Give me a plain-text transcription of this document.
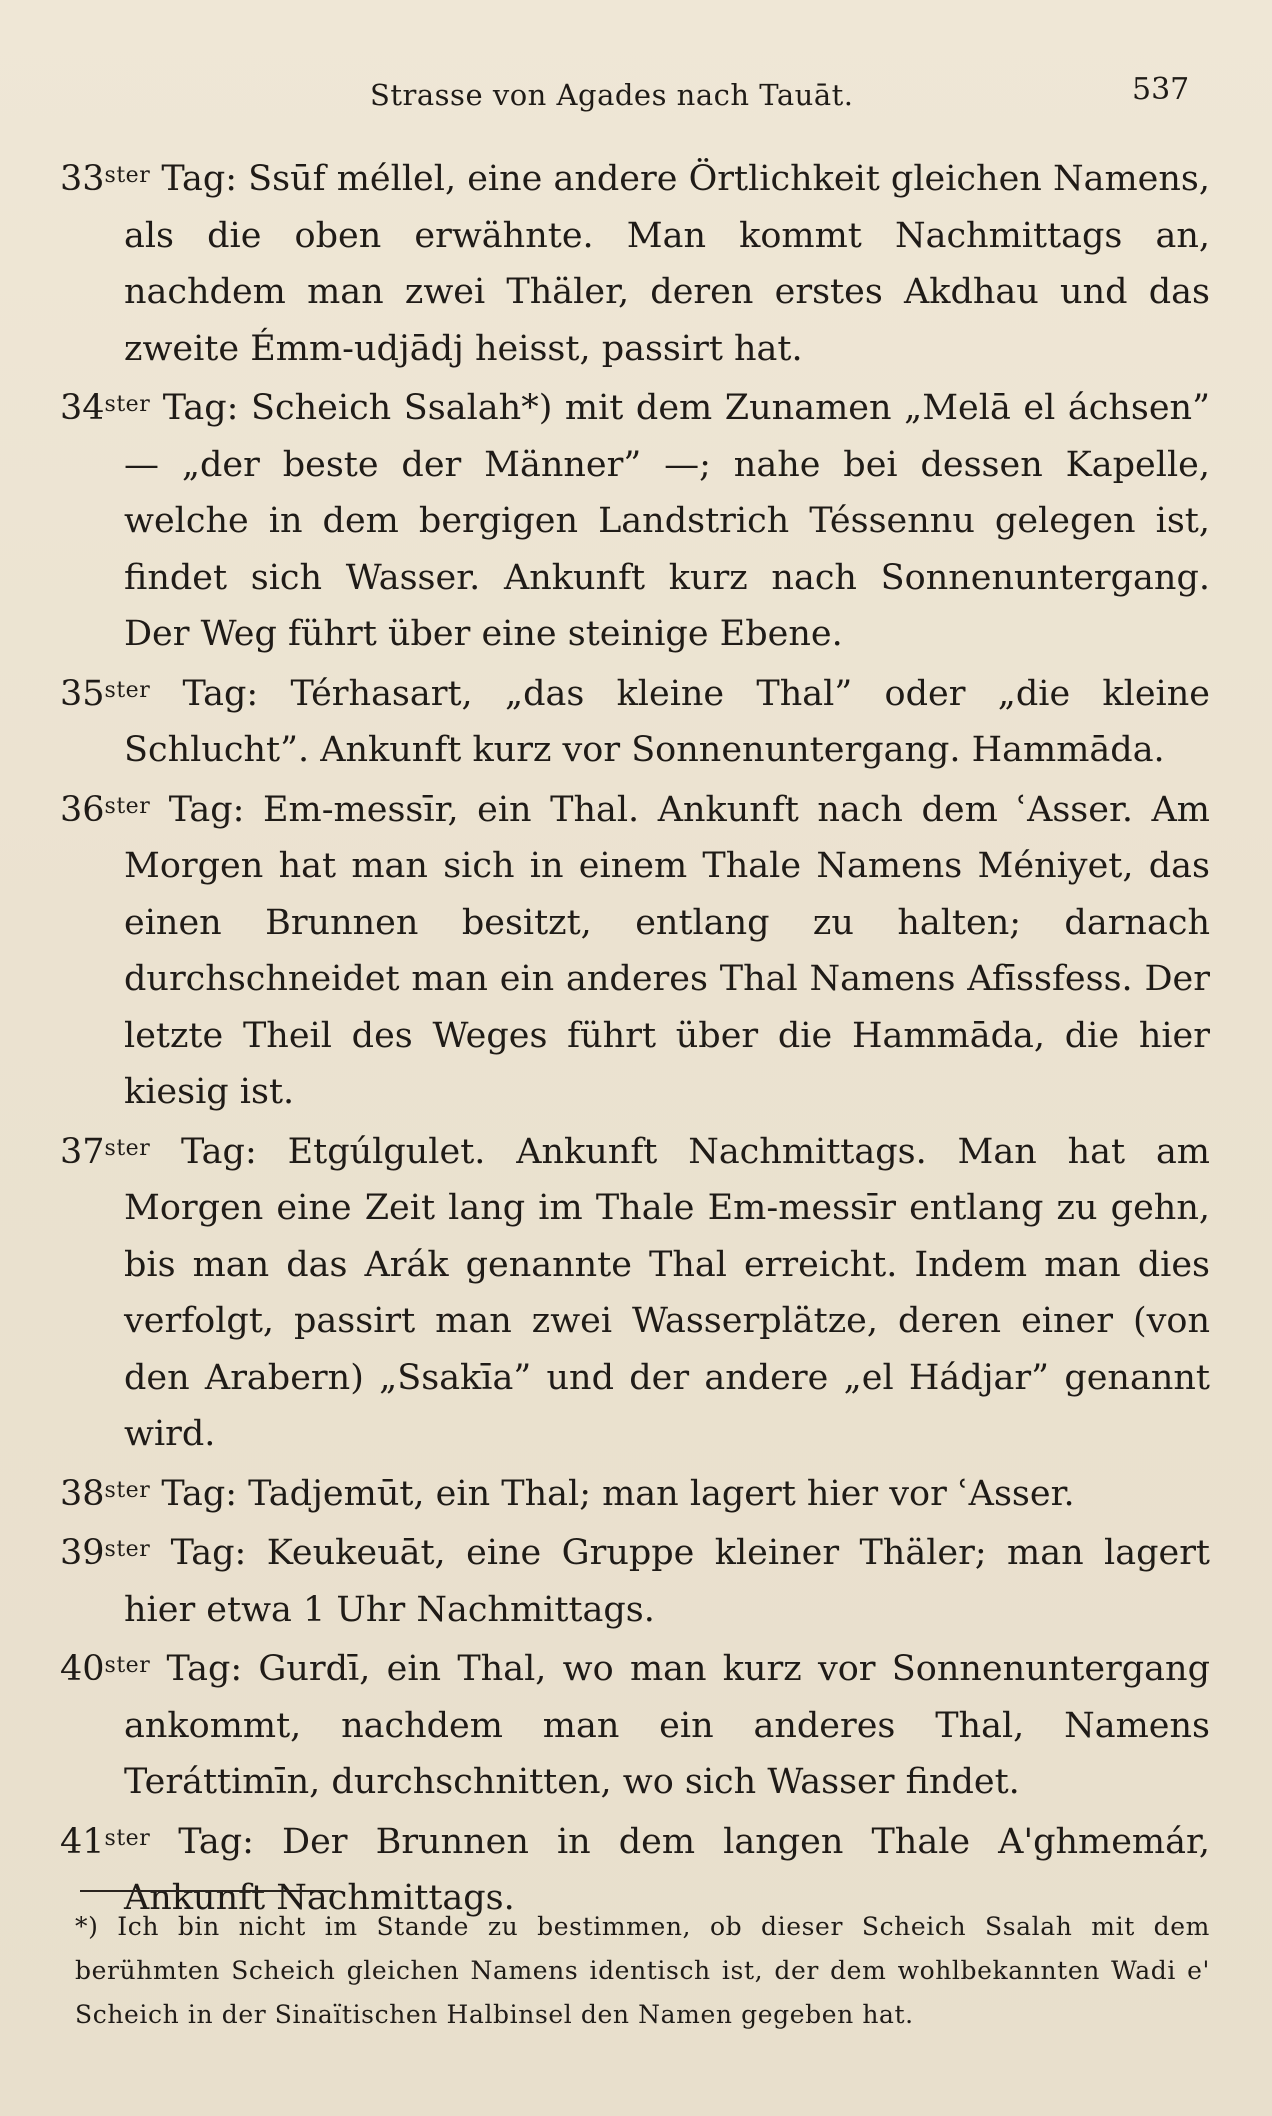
Strasse von Agades nach Tauāt.	537

$33^{ster}$ Tag: Ssūf méllel, eine andere Örtlichkeit gleichen Namens, als die oben erwähnte. Man kommt Nachmittags an, nachdem man zwei Thäler, deren erstes Akdhau und das zweite Émm-udjādj heisst, passirt hat.

$34^{ster}$ Tag: Scheich Ssalah*) mit dem Zunamen „Melā el áchsen” — „der beste der Männer” —; nahe bei dessen Kapelle, welche in dem bergigen Landstrich Téssennu gelegen ist, findet sich Wasser. Ankunft kurz nach Sonnenuntergang. Der Weg führt über eine steinige Ebene.

$35^{ster}$ Tag: Térhasart, „das kleine Thal” oder „die kleine Schlucht”. Ankunft kurz vor Sonnenuntergang. Hammāda.

$36^{ster}$ Tag: Em-messīr, ein Thal. Ankunft nach dem ʿAsser. Am Morgen hat man sich in einem Thale Namens Méniyet, das einen Brunnen besitzt, entlang zu halten; darnach durchschneidet man ein anderes Thal Namens Afīssfess. Der letzte Theil des Weges führt über die Hammāda, die hier kiesig ist.

$37^{ster}$ Tag: Etgúlgulet. Ankunft Nachmittags. Man hat am Morgen eine Zeit lang im Thale Em-messīr entlang zu gehn, bis man das Arák genannte Thal erreicht. Indem man dies verfolgt, passirt man zwei Wasserplätze, deren einer (von den Arabern) „Ssakīa” und der andere „el Hádjar” genannt wird.

$38^{ster}$ Tag: Tadjemūt, ein Thal; man lagert hier vor ʿAsser.

$39^{ster}$ Tag: Keukeuāt, eine Gruppe kleiner Thäler; man lagert hier etwa 1 Uhr Nachmittags.

$40^{ster}$ Tag: Gurdī, ein Thal, wo man kurz vor Sonnenuntergang ankommt, nachdem man ein anderes Thal, Namens Teráttimīn, durchschnitten, wo sich Wasser findet.

$41^{ster}$ Tag: Der Brunnen in dem langen Thale A'ghmemár, Ankunft Nachmittags.

*) Ich bin nicht im Stande zu bestimmen, ob dieser Scheich Ssalah mit dem berühmten Scheich gleichen Namens identisch ist, der dem wohlbekannten Wadi e' Scheich in der Sinaïtischen Halbinsel den Namen gegeben hat.
